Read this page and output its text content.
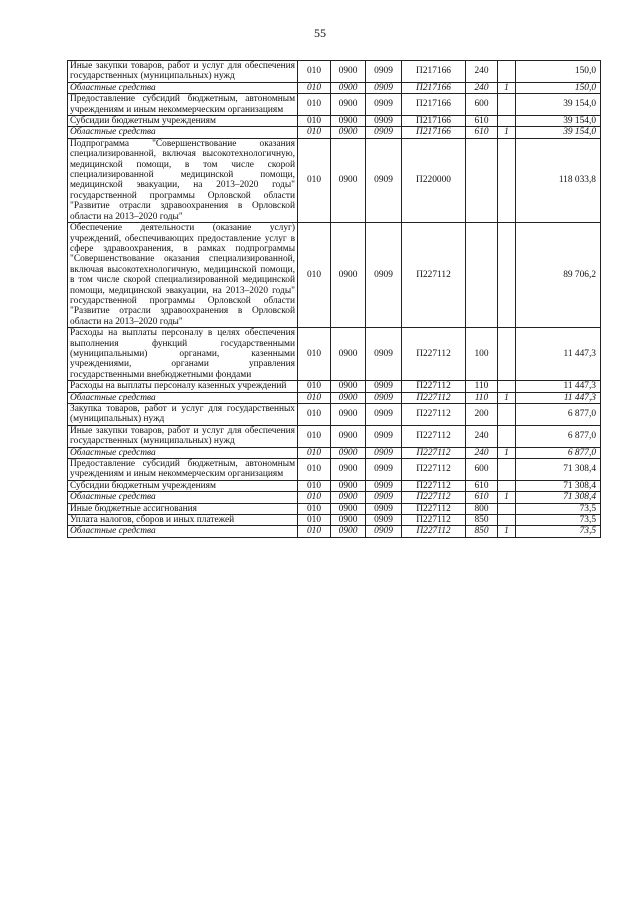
55
Иные закупки товаров, работ и услуг для обеспечения государственных (муниципальных) нужд	010	0900	0909	П217166	240		150,0
Областные средства	010	0900	0909	П217166	240	1	150,0
Предоставление субсидий бюджетным, автономным учреждениям и иным некоммерческим организациям	010	0900	0909	П217166	600		39 154,0
Субсидии бюджетным учреждениям	010	0900	0909	П217166	610		39 154,0
Областные средства	010	0900	0909	П217166	610	1	39 154,0
Подпрограмма "Совершенствование оказания специализированной, включая высокотехнологичную, медицинской помощи, в том числе скорой специализированной медицинской помощи, медицинской эвакуации, на 2013–2020 годы" государственной программы Орловской области "Развитие отрасли здравоохранения в Орловской области на 2013–2020 годы"	010	0900	0909	П220000			118 033,8
Обеспечение деятельности (оказание услуг) учреждений, обеспечивающих предоставление услуг в сфере здравоохранения, в рамках подпрограммы "Совершенствование оказания специализированной, включая высокотехнологичную, медицинской помощи, в том числе скорой специализированной медицинской помощи, медицинской эвакуации, на 2013–2020 годы" государственной программы Орловской области "Развитие отрасли здравоохранения в Орловской области на 2013–2020 годы"	010	0900	0909	П227112			89 706,2
Расходы на выплаты персоналу в целях обеспечения выполнения функций государственными (муниципальными) органами, казенными учреждениями, органами управления государственными внебюджетными фондами	010	0900	0909	П227112	100		11 447,3
Расходы на выплаты персоналу казенных учреждений	010	0900	0909	П227112	110		11 447,3
Областные средства	010	0900	0909	П227112	110	1	11 447,3
Закупка товаров, работ и услуг для государственных (муниципальных) нужд	010	0900	0909	П227112	200		6 877,0
Иные закупки товаров, работ и услуг для обеспечения государственных (муниципальных) нужд	010	0900	0909	П227112	240		6 877,0
Областные средства	010	0900	0909	П227112	240	1	6 877,0
Предоставление субсидий бюджетным, автономным учреждениям и иным некоммерческим организациям	010	0900	0909	П227112	600		71 308,4
Субсидии бюджетным учреждениям	010	0900	0909	П227112	610		71 308,4
Областные средства	010	0900	0909	П227112	610	1	71 308,4
Иные бюджетные ассигнования	010	0900	0909	П227112	800		73,5
Уплата налогов, сборов и иных платежей	010	0900	0909	П227112	850		73,5
Областные средства	010	0900	0909	П227112	850	1	73,5
